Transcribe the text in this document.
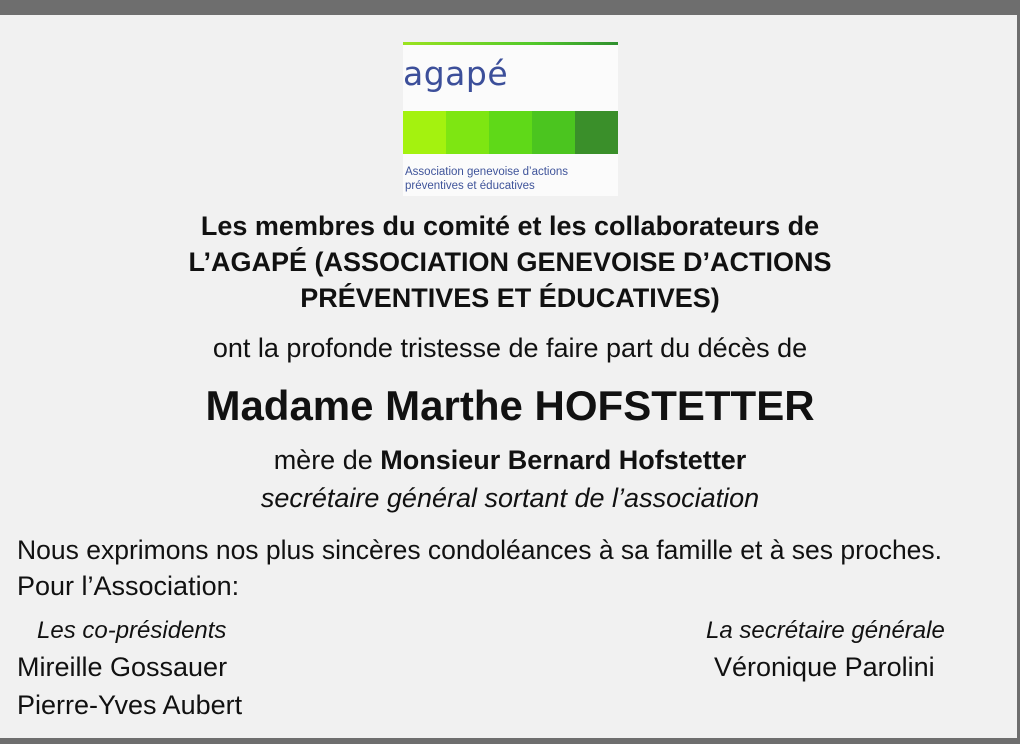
agapé
Association genevoise d’actions
préventives et éducatives
Les membres du comité et les collaborateurs de
L’AGAPÉ (ASSOCIATION GENEVOISE D’ACTIONS
PRÉVENTIVES ET ÉDUCATIVES)
ont la profonde tristesse de faire part du décès de
Madame Marthe HOFSTETTER
mère de Monsieur Bernard Hofstetter
secrétaire général sortant de l’association
Nous exprimons nos plus sincères condoléances à sa famille et à ses proches.
Pour l’Association:
Les co-présidents	La secrétaire générale
Mireille Gossauer
Pierre-Yves Aubert
Véronique Parolini
